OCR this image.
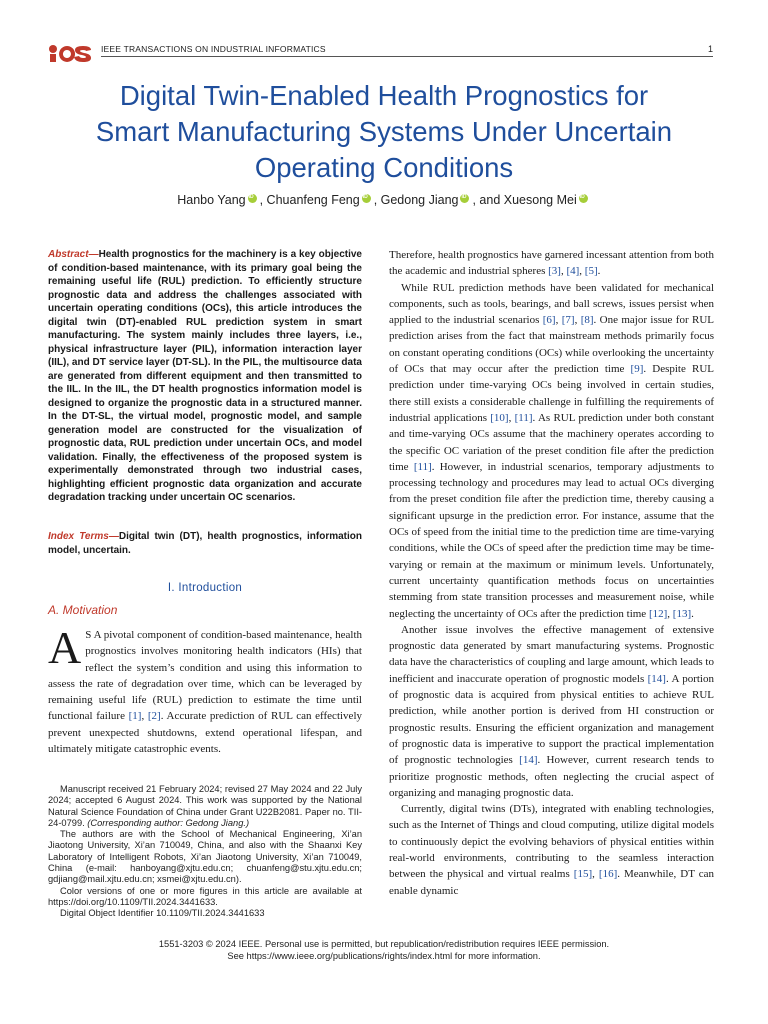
ies
IEEE TRANSACTIONS ON INDUSTRIAL INFORMATICS	1
Digital Twin-Enabled Health Prognostics for
Smart Manufacturing Systems Under Uncertain
Operating Conditions
Hanbo Yang iD , Chuanfeng Feng iD , Gedong Jiang iD , and Xuesong MeiiD
Abstract—Health prognostics for the machinery is a key objective of condition-based maintenance, with its primary goal being the remaining useful life (RUL) prediction. To efficiently structure prognostic data and address the challenges associated with uncertain operating conditions (OCs), this article introduces the digital twin (DT)-enabled RUL prediction system in smart manufacturing. The system mainly includes three layers, i.e., physical infrastructure layer (PIL), information interaction layer (IIL), and DT service layer (DT-SL). In the PIL, the multisource data are generated from different equipment and then transmitted to the IIL. In the IIL, the DT health prognostics information model is designed to organize the prognostic data in a structured manner. In the DT-SL, the virtual model, prognostic model, and sample generation model are constructed for the visualization of prognostic data, RUL prediction under uncertain OCs, and model validation. Finally, the effectiveness of the proposed system is experimentally demonstrated through two industrial cases, highlighting efficient prognostic data organization and accurate degradation tracking under uncertain OC scenarios.
Index Terms—Digital twin (DT), health prognostics, information model, uncertain.
I. Introduction
A. Motivation
A S A pivotal component of condition-based maintenance, health prognostics involves monitoring health indicators (HIs) that reflect the system’s condition and using this information to assess the rate of degradation over time, which can be leveraged by remaining useful life (RUL) prediction to estimate the time until functional failure [1], [2]. Accurate prediction of RUL can effectively prevent unexpected shutdowns, extend operational lifespan, and ultimately mitigate catastrophic events.

Manuscript received 21 February 2024; revised 27 May 2024 and 22 July 2024; accepted 6 August 2024. This work was supported by the National Natural Science Foundation of China under Grant U22B2081. Paper no. TII-24-0799. (Corresponding author: Gedong Jiang.)

The authors are with the School of Mechanical Engineering, Xi’an Jiaotong University, Xi’an 710049, China, and also with the Shaanxi Key Laboratory of Intelligent Robots, Xi’an Jiaotong University, Xi’an 710049, China (e-mail: hanboyang@xjtu.edu.cn; chuanfeng@stu.xjtu.edu.cn; gdjiang@mail.xjtu.edu.cn; xsmei@xjtu.edu.cn).

Color versions of one or more figures in this article are available at https://doi.org/10.1109/TII.2024.3441633.

Digital Object Identifier 10.1109/TII.2024.3441633

Therefore, health prognostics have garnered incessant attention from both the academic and industrial spheres [3], [4], [5].

While RUL prediction methods have been validated for mechanical components, such as tools, bearings, and ball screws, issues persist when applied to the industrial scenarios [6], [7], [8]. One major issue for RUL prediction arises from the fact that mainstream methods primarily focus on constant operating conditions (OCs) while overlooking the uncertainty of OCs that may occur after the prediction time [9]. Despite RUL prediction under time-varying OCs being involved in certain studies, there still exists a considerable challenge in fulfilling the requirements of industrial applications [10], [11]. As RUL prediction under both constant and time-varying OCs assume that the machinery operates according to the specific OC variation of the preset condition file after the prediction time [11]. However, in industrial scenarios, temporary adjustments to processing technology and procedures may lead to actual OCs diverging from the preset condition file after the prediction time, thereby causing a significant upsurge in the prediction error. For instance, assume that the OCs of speed from the initial time to the prediction time are time-varying conditions, while the OCs of speed after the prediction time may be time-varying or remain at the maximum or minimum levels. Unfortunately, current uncertainty quantification methods focus on uncertainties stemming from state transition processes and measurement noise, while neglecting the uncertainty of OCs after the prediction time [12], [13].

Another issue involves the effective management of extensive prognostic data generated by smart manufacturing systems. Prognostic data have the characteristics of coupling and large amount, which leads to inefficient and inaccurate operation of prognostic models [14]. A portion of prognostic data is acquired from physical entities to achieve RUL prediction, while another portion is derived from HI construction or prognostic results. Ensuring the efficient organization and management of prognostic data is imperative to support the practical implementation of prognostic technologies [14]. However, current research tends to prioritize prognostic methods, often neglecting the crucial aspect of organizing and managing prognostic data.

Currently, digital twins (DTs), integrated with enabling technologies, such as the Internet of Things and cloud computing, utilize digital models to continuously depict the evolving behaviors of physical entities within real-world environments, contributing to the seamless interaction between the physical and virtual realms [15], [16]. Meanwhile, DT can enable dynamic

1551-3203 © 2024 IEEE. Personal use is permitted, but republication/redistribution requires IEEE permission.
See https://www.ieee.org/publications/rights/index.html for more information.
